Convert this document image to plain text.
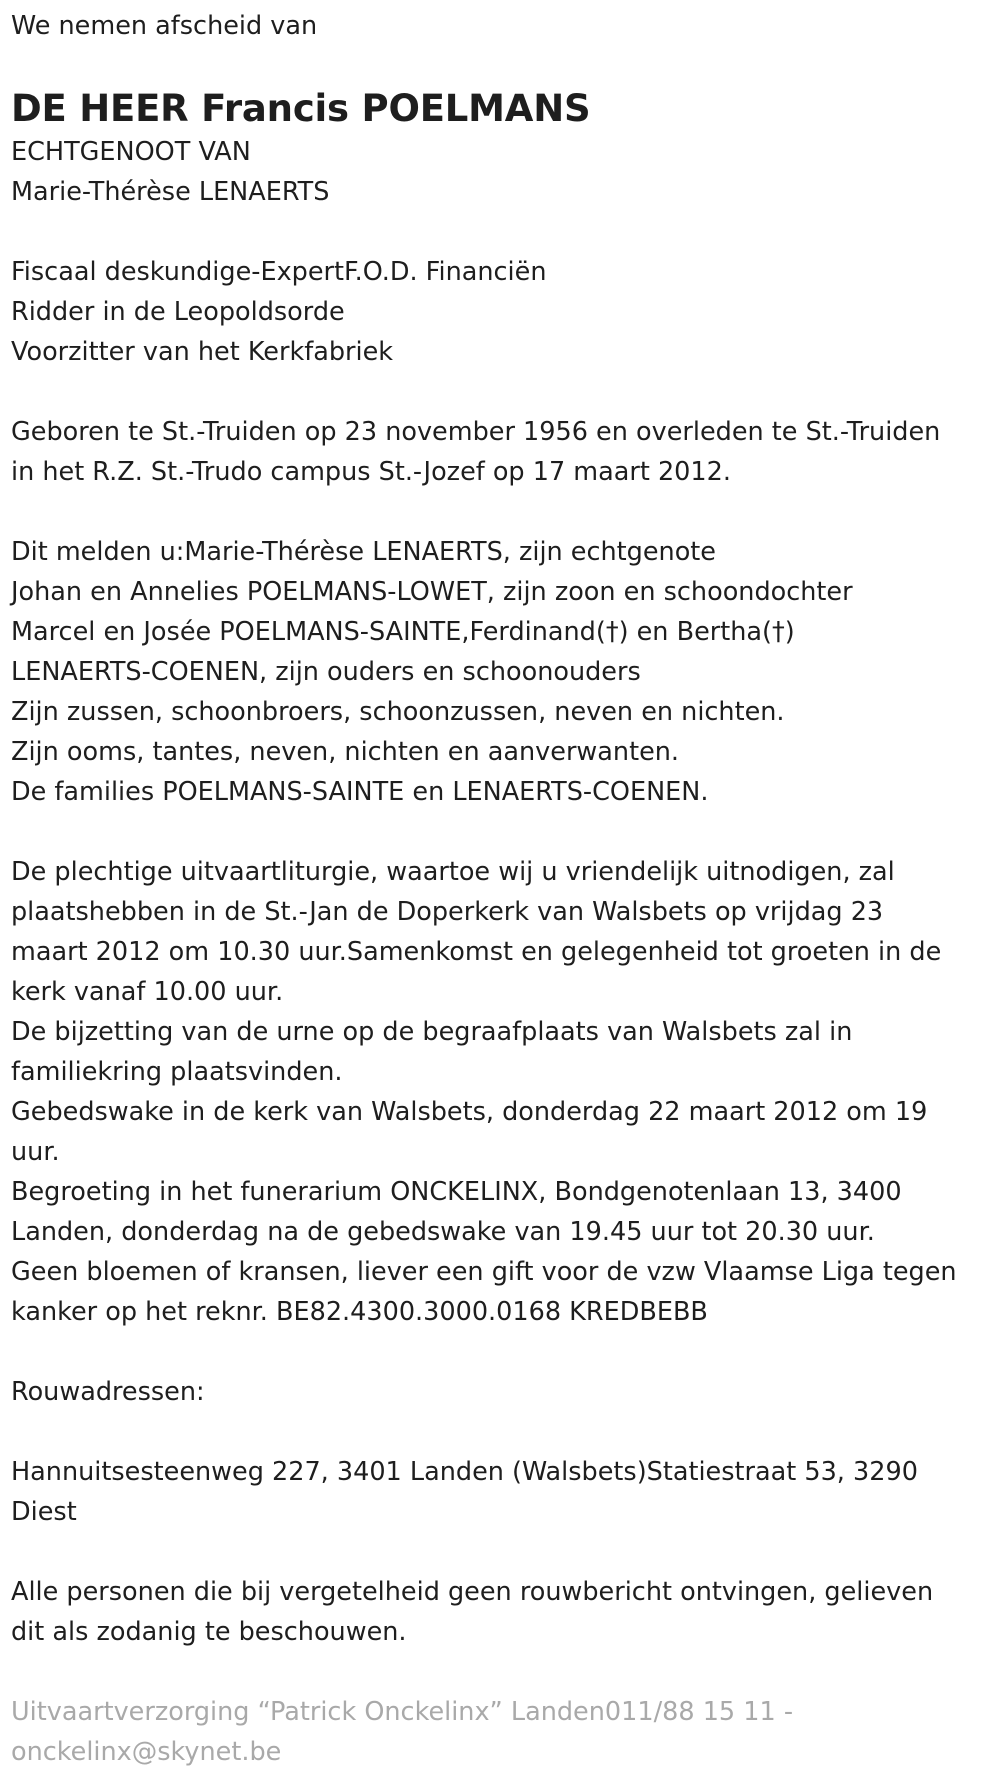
We nemen afscheid van

DE HEER Francis POELMANS

ECHTGENOOT VAN

Marie-Thérèse LENAERTS

Fiscaal deskundige-ExpertF.O.D. Financiën

Ridder in de Leopoldsorde

Voorzitter van het Kerkfabriek

Geboren te St.-Truiden op 23 november 1956 en overleden te St.-Truiden

in het R.Z. St.-Trudo campus St.-Jozef op 17 maart 2012.

Dit melden u:Marie-Thérèse LENAERTS, zijn echtgenote

Johan en Annelies POELMANS-LOWET, zijn zoon en schoondochter

Marcel en Josée POELMANS-SAINTE,Ferdinand(†) en Bertha(†)

LENAERTS-COENEN, zijn ouders en schoonouders

Zijn zussen, schoonbroers, schoonzussen, neven en nichten.

Zijn ooms, tantes, neven, nichten en aanverwanten.

De families POELMANS-SAINTE en LENAERTS-COENEN.

De plechtige uitvaartliturgie, waartoe wij u vriendelijk uitnodigen, zal

plaatshebben in de St.-Jan de Doperkerk van Walsbets op vrijdag 23

maart 2012 om 10.30 uur.Samenkomst en gelegenheid tot groeten in de

kerk vanaf 10.00 uur.

De bijzetting van de urne op de begraafplaats van Walsbets zal in

familiekring plaatsvinden.

Gebedswake in de kerk van Walsbets, donderdag 22 maart 2012 om 19

uur.

Begroeting in het funerarium ONCKELINX, Bondgenotenlaan 13, 3400

Landen, donderdag na de gebedswake van 19.45 uur tot 20.30 uur.

Geen bloemen of kransen, liever een gift voor de vzw Vlaamse Liga tegen

kanker op het reknr. BE82.4300.3000.0168 KREDBEBB

Rouwadressen:

Hannuitsesteenweg 227, 3401 Landen (Walsbets)Statiestraat 53, 3290

Diest

Alle personen die bij vergetelheid geen rouwbericht ontvingen, gelieven

dit als zodanig te beschouwen.

Uitvaartverzorging “Patrick Onckelinx” Landen011/88 15 11 -

onckelinx@skynet.be
